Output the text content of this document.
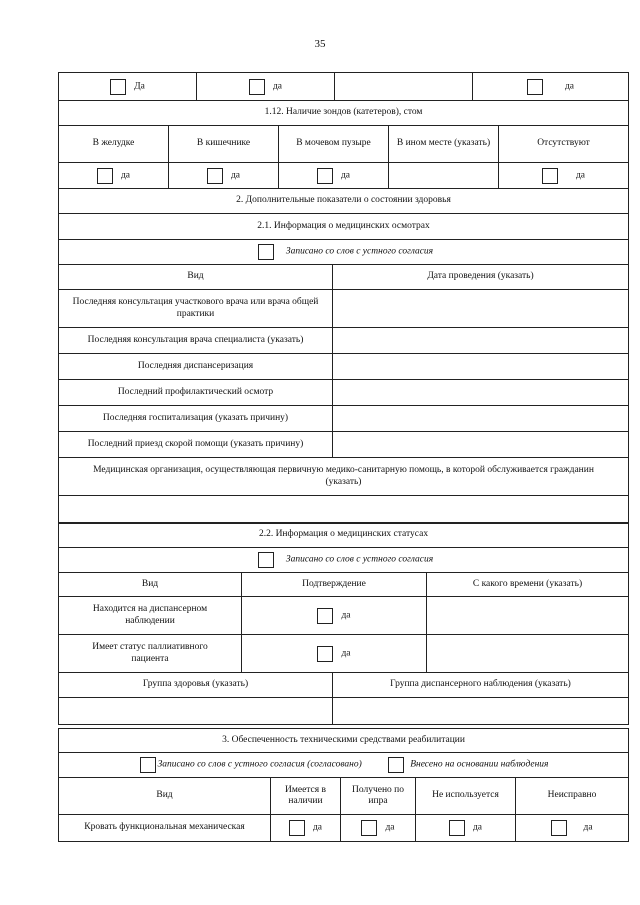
35
Да	да		да
1.12. Наличие зондов (катетеров), стом				
В желудке	В кишечнике	В мочевом пузыре	В ином месте (указать)	Отсутствуют
да	да	да		да
2. Дополнительные показатели о состоянии здоровья	
2.1. Информация о медицинских осмотрах	
Записано со слов с устного согласия	
Вид	Дата проведения (указать)
Последняя консультация участкового врача или врача общей практики	
Последняя консультация врача специалиста (указать)	
Последняя диспансеризация	
Последний профилактический осмотр	
Последняя госпитализация (указать причину)	
Последний приезд скорой помощи (указать причину)	
Медицинская организация, осуществляющая первичную медико-санитарную помощь, в которой обслуживается гражданин (указать)	

2.2. Информация о медицинских статусах			
Записано со слов с устного согласия			
Вид	Подтверждение		С какого времени (указать)
Находится на диспансерном наблюдении	да		
Имеет статус паллиативного пациента	да		
Группа здоровья (указать)		Группа диспансерного наблюдения (указать)	

3. Обеспеченность техническими средствами реабилитации				
Записано со слов с устного согласия (согласовано) Внесено на основании наблюдения				
Вид	Имеется в наличии	Получено по ипра	Не используется	Неисправно
Кровать функциональная механическая	да	да	да	да
